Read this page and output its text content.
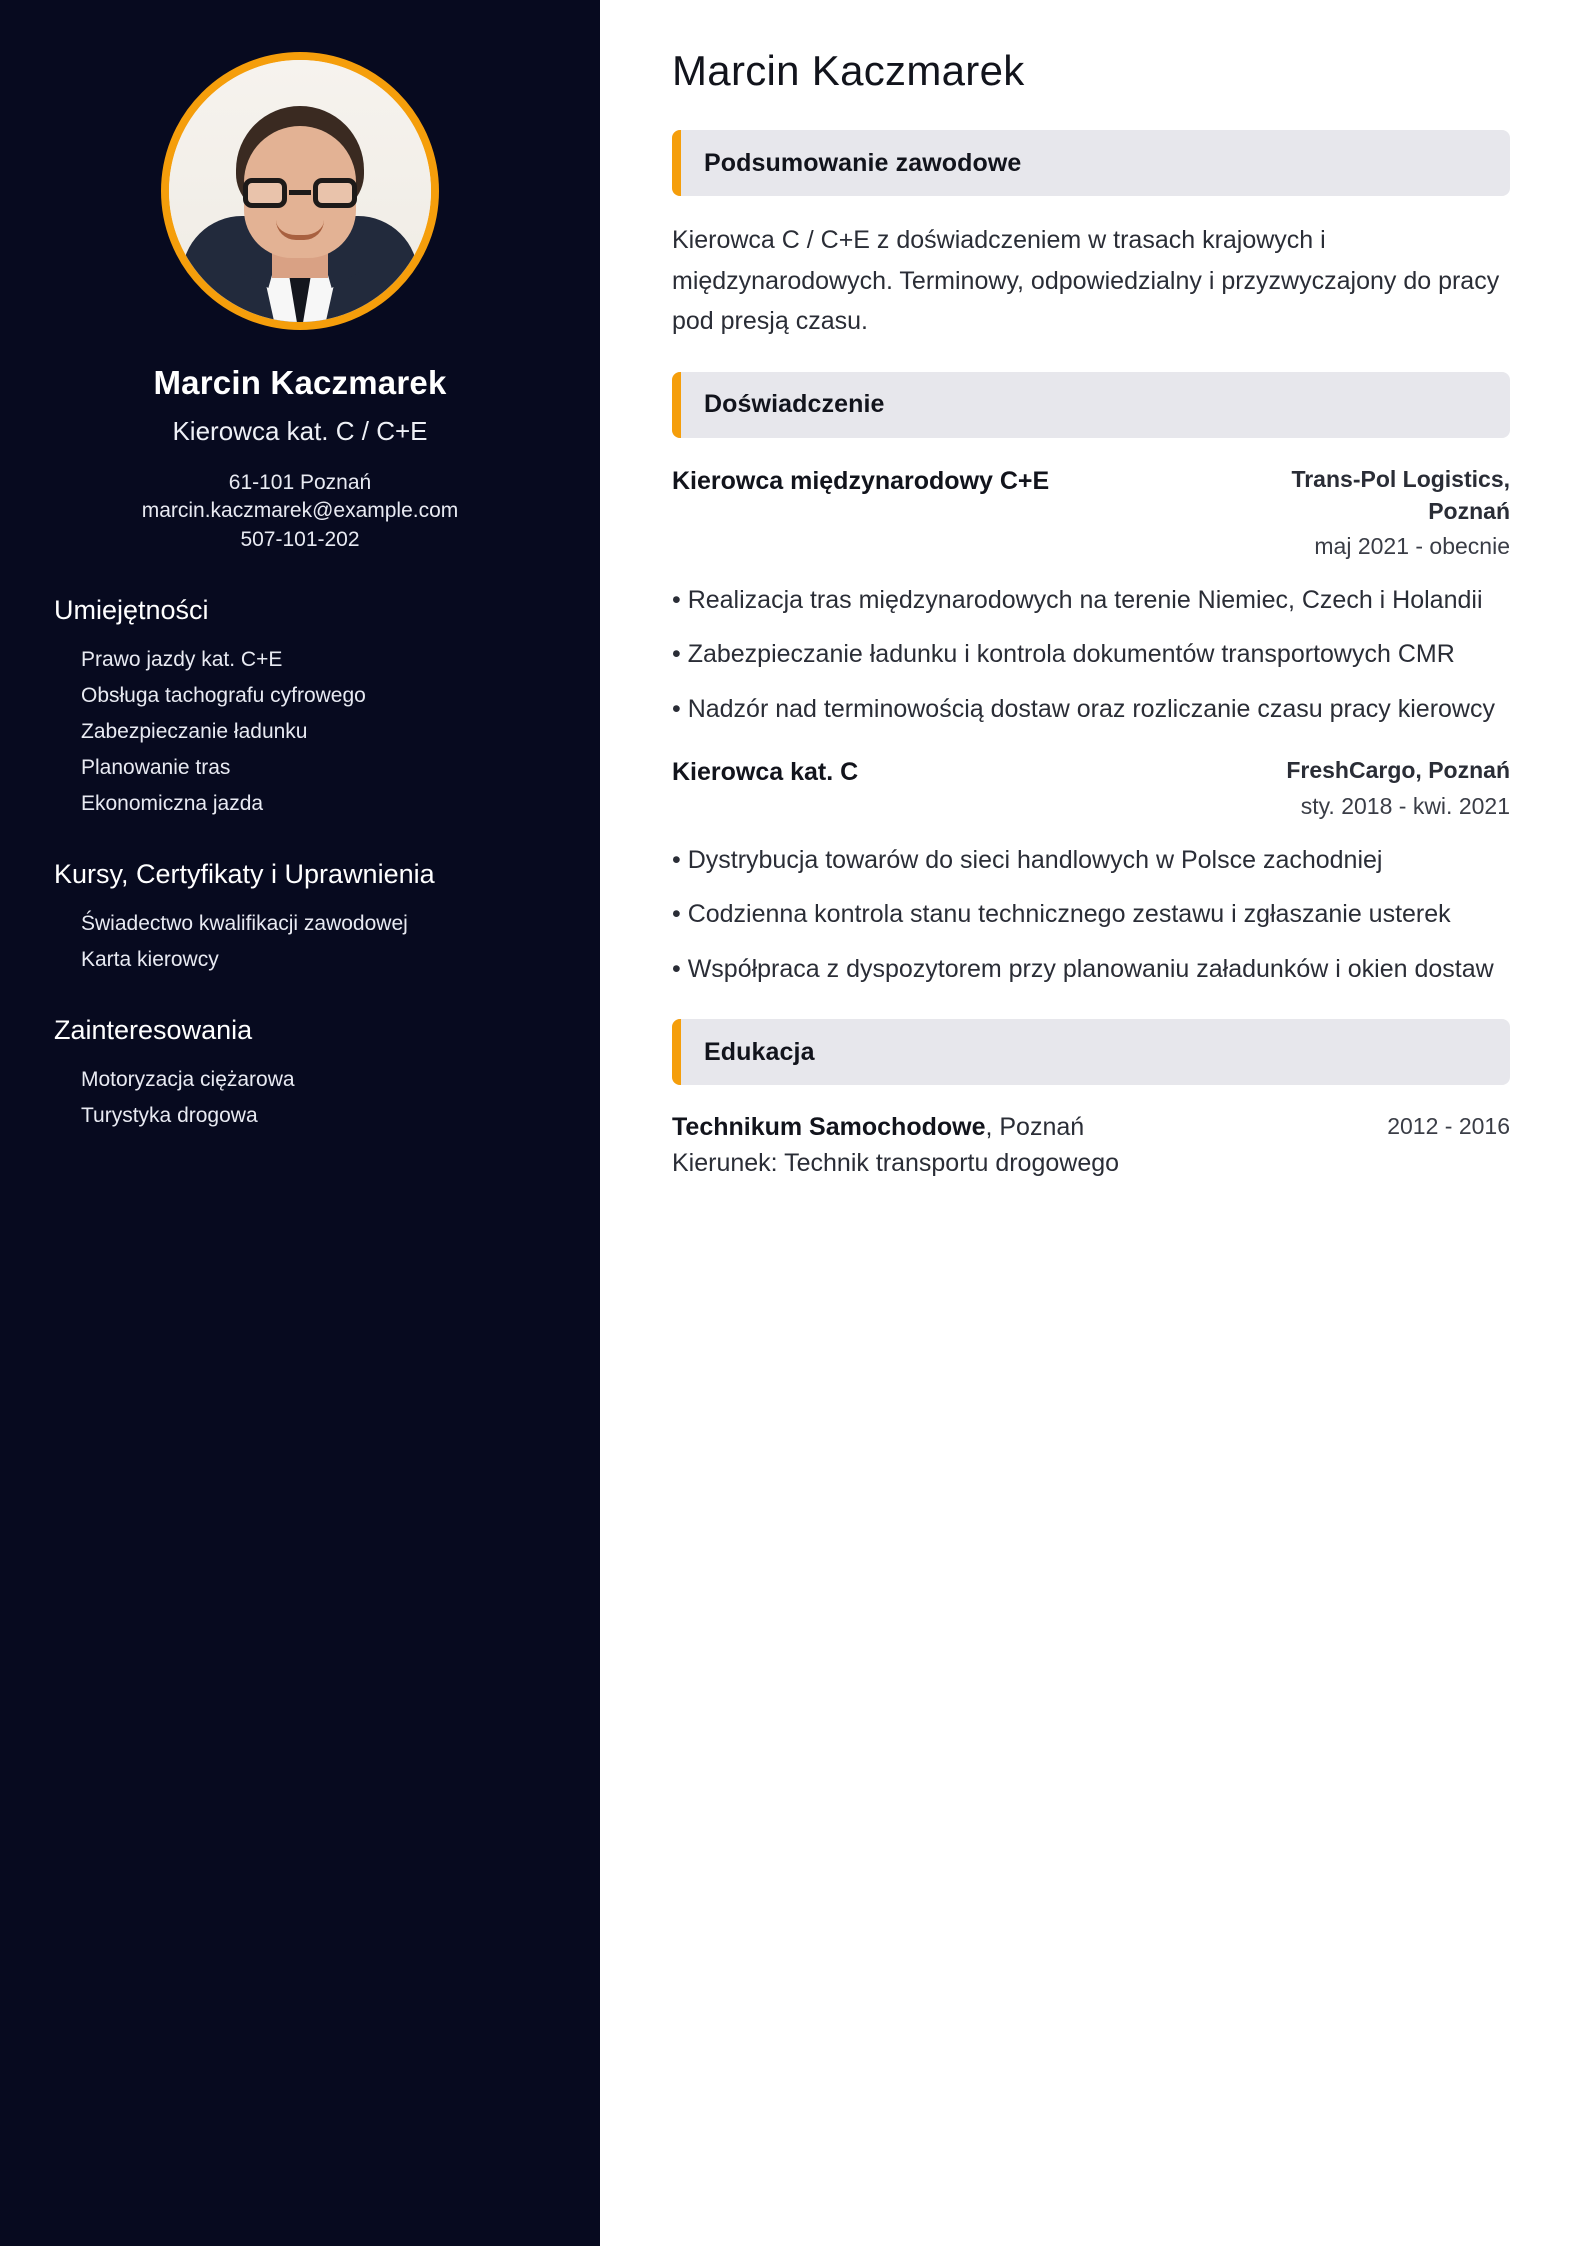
Marcin Kaczmarek
Kierowca kat. C / C+E
61-101 Poznań
marcin.kaczmarek@example.com
507-101-202
Umiejętności
Prawo jazdy kat. C+E
Obsługa tachografu cyfrowego
Zabezpieczanie ładunku
Planowanie tras
Ekonomiczna jazda
Kursy, Certyfikaty i Uprawnienia
Świadectwo kwalifikacji zawodowej
Karta kierowcy
Zainteresowania
Motoryzacja ciężarowa
Turystyka drogowa
Marcin Kaczmarek
Podsumowanie zawodowe

Kierowca C / C+E z doświadczeniem w trasach krajowych i międzynarodowych. Terminowy, odpowiedzialny i przyzwyczajony do pracy pod presją czasu.

Doświadczenie
Kierowca międzynarodowy C+E	Trans-Pol Logistics, Poznań
maj 2021 - obecnie
• Realizacja tras międzynarodowych na terenie Niemiec, Czech i Holandii
• Zabezpieczanie ładunku i kontrola dokumentów transportowych CMR
• Nadzór nad terminowością dostaw oraz rozliczanie czasu pracy kierowcy
Kierowca kat. C	FreshCargo, Poznań
sty. 2018 - kwi. 2021
• Dystrybucja towarów do sieci handlowych w Polsce zachodniej
• Codzienna kontrola stanu technicznego zestawu i zgłaszanie usterek
• Współpraca z dyspozytorem przy planowaniu załadunków i okien dostaw
Edukacja
Technikum Samochodowe, Poznań
Kierunek: Technik transportu drogowego
2012 - 2016
